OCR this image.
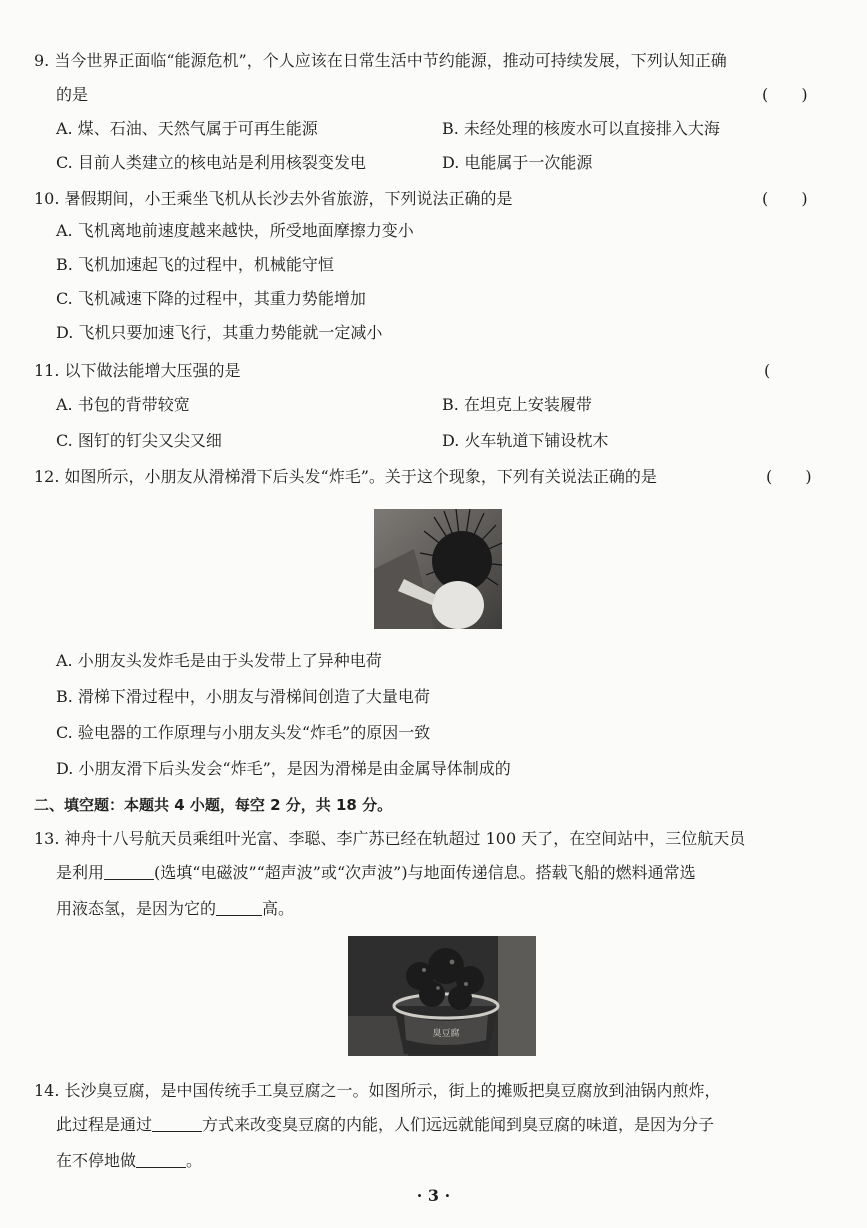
9. 当今世界正面临“能源危机”，个人应该在日常生活中节约能源，推动可持续发展，下列认知正确
的是	( )
A. 煤、石油、天然气属于可再生能源	B. 未经处理的核废水可以直接排入大海
C. 目前人类建立的核电站是利用核裂变发电	D. 电能属于一次能源
10. 暑假期间，小王乘坐飞机从长沙去外省旅游，下列说法正确的是	( )
A. 飞机离地前速度越来越快，所受地面摩擦力变小
B. 飞机加速起飞的过程中，机械能守恒
C. 飞机减速下降的过程中，其重力势能增加
D. 飞机只要加速飞行，其重力势能就一定减小
11. 以下做法能增大压强的是	(
A. 书包的背带较宽	B. 在坦克上安装履带
C. 图钉的钉尖又尖又细	D. 火车轨道下铺设枕木
12. 如图所示，小朋友从滑梯滑下后头发“炸毛”。关于这个现象，下列有关说法正确的是	( )
A. 小朋友头发炸毛是由于头发带上了异种电荷
B. 滑梯下滑过程中，小朋友与滑梯间创造了大量电荷
C. 验电器的工作原理与小朋友头发“炸毛”的原因一致
D. 小朋友滑下后头发会“炸毛”，是因为滑梯是由金属导体制成的
二、填空题：本题共 4 小题，每空 2 分，共 18 分。
13. 神舟十八号航天员乘组叶光富、李聪、李广苏已经在轨超过 100 天了，在空间站中，三位航天员
是利用	(选填“电磁波”“超声波”或“次声波”)与地面传递信息。搭载飞船的燃料通常选
用液态氢，是因为它的	高。
臭豆腐
14. 长沙臭豆腐，是中国传统手工臭豆腐之一。如图所示，街上的摊贩把臭豆腐放到油锅内煎炸，
此过程是通过	方式来改变臭豆腐的内能，人们远远就能闻到臭豆腐的味道，是因为分子
在不停地做	。
· 3 ·
